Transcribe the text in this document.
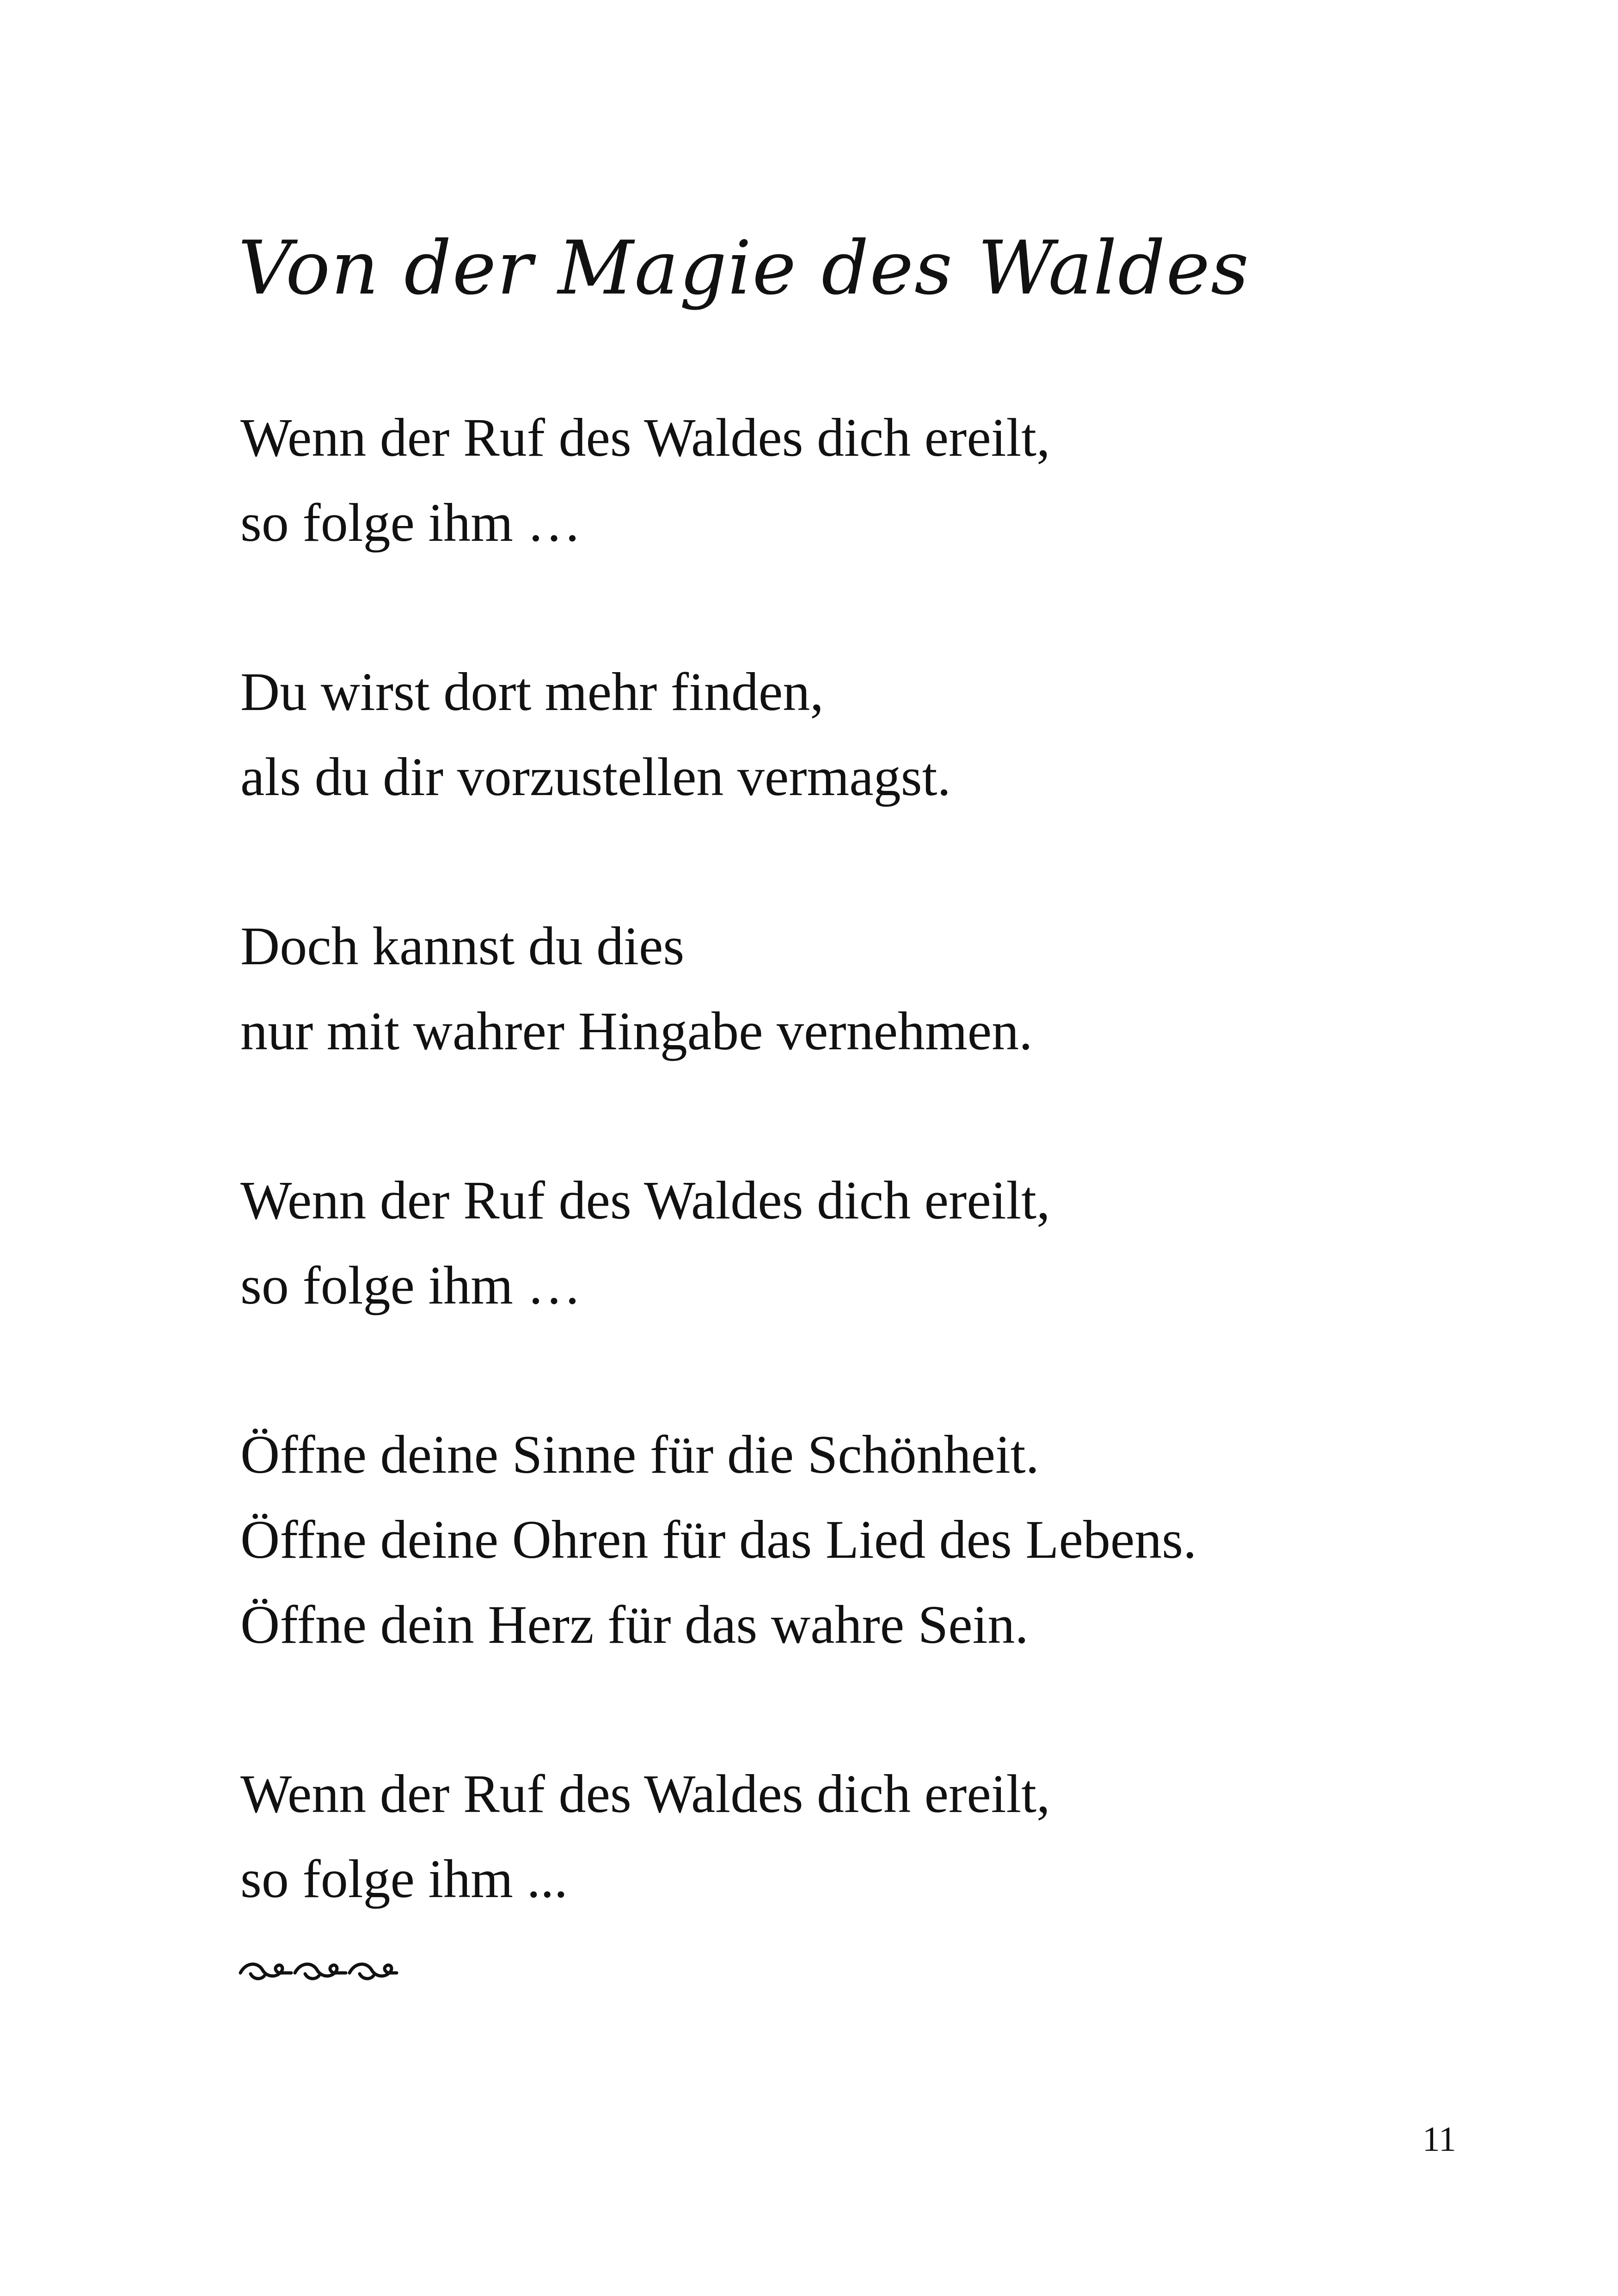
Von der Magie des Waldes

Wenn der Ruf des Waldes dich ereilt,
so folge ihm …

Du wirst dort mehr finden,
als du dir vorzustellen vermagst.

Doch kannst du dies
nur mit wahrer Hingabe vernehmen.

Wenn der Ruf des Waldes dich ereilt,
so folge ihm …

Öffne deine Sinne für die Schönheit.
Öffne deine Ohren für das Lied des Lebens.
Öffne dein Herz für das wahre Sein.

Wenn der Ruf des Waldes dich ereilt,
so folge ihm ...

11
